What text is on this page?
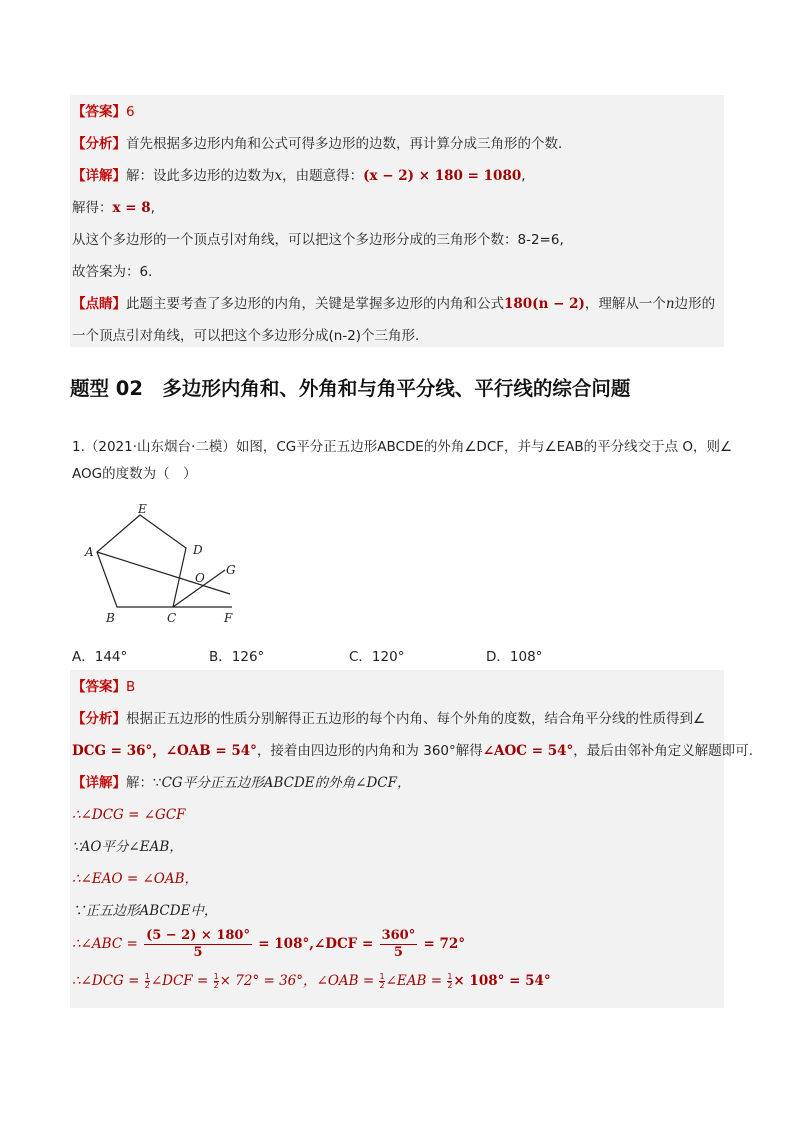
【答案】6

【分析】首先根据多边形内角和公式可得多边形的边数，再计算分成三角形的个数．

【详解】解：设此多边形的边数为x，由题意得：(x − 2) × 180 = 1080,

解得：x = 8,

从这个多边形的一个顶点引对角线，可以把这个多边形分成的三角形个数：8-2=6,

故答案为：6．

【点睛】此题主要考查了多边形的内角，关键是掌握多边形的内角和公式180(n − 2)，理解从一个n边形的

一个顶点引对角线，可以把这个多边形分成(n-2)个三角形．

题型 02　多边形内角和、外角和与角平分线、平行线的综合问题
1.（2021·山东烟台·二模）如图，CG平分正五边形ABCDE的外角∠DCF，并与∠EAB的平分线交于点 O，则∠
AOG的度数为（　）
E
A	D
O
G
B	C	F
A．144°	B．126°	C．120°	D．108°

【答案】B

【分析】根据正五边形的性质分别解得正五边形的每个内角、每个外角的度数，结合角平分线的性质得到∠

DCG = 36°，∠OAB = 54°，接着由四边形的内角和为 360°解得∠AOC = 54°，最后由邻补角定义解题即可．

【详解】解：∵CG平分正五边形ABCDE的外角∠DCF，

∴∠DCG = ∠GCF

∵AO平分∠EAB，

∴∠EAO = ∠OAB，

∵正五边形ABCDE中，

∴∠ABC = $\frac{(5 - 2) \times 180^\circ}{5}$ = 108°,∠DCF = $\frac{360^\circ}{5} = 72^\circ$

∴∠DCG = $\frac{1}{2}$ ∠DCF = $\frac{1}{2} \times 72^\circ = 36^\circ$，∠OAB = $\frac{1}{2}$ ∠EAB = $\frac{1}{2} \times 108^\circ = 54^\circ$
